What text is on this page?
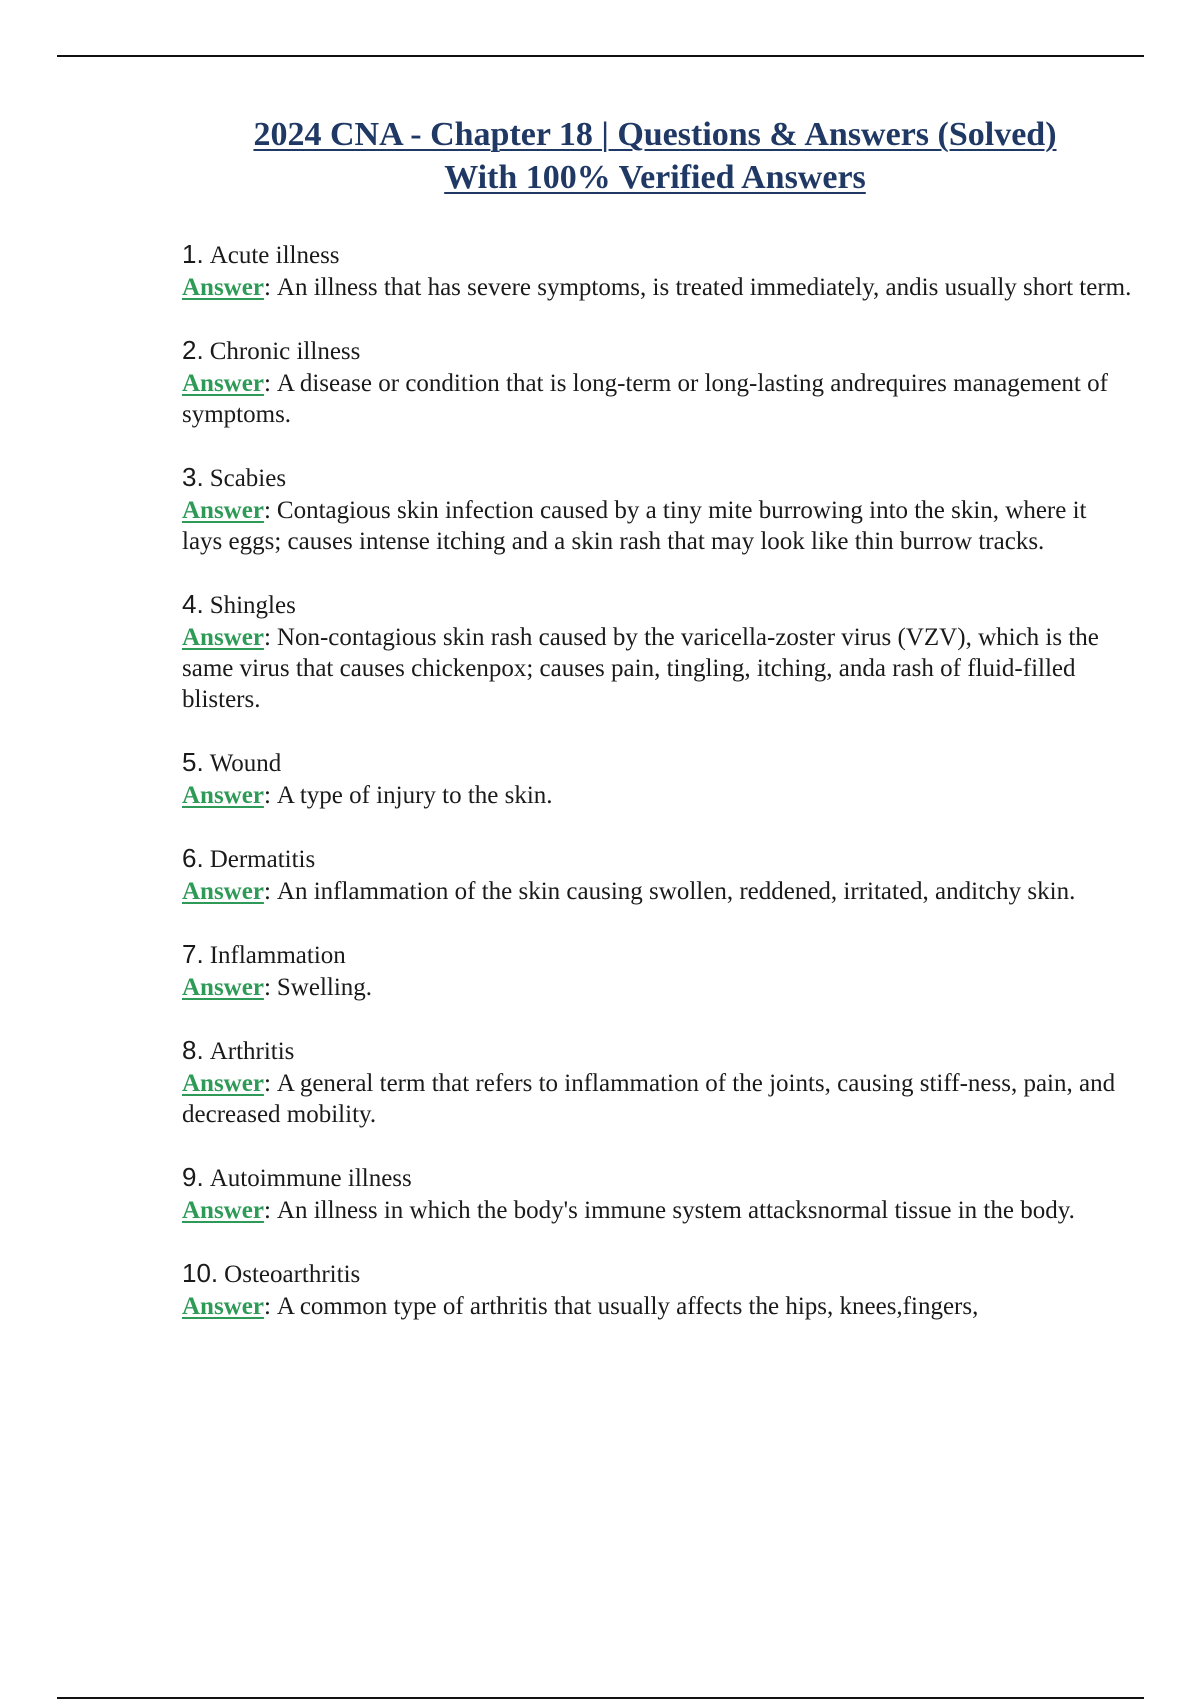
2024 CNA - Chapter 18 | Questions & Answers (Solved)
With 100% Verified Answers
1. Acute illness
Answer: An illness that has severe symptoms, is treated immediately, andis usually short term.
2. Chronic illness
Answer: A disease or condition that is long-term or long-lasting andrequires management of symptoms.
3. Scabies
Answer: Contagious skin infection caused by a tiny mite burrowing into the skin, where it lays eggs; causes intense itching and a skin rash that may look like thin burrow tracks.
4. Shingles
Answer: Non-contagious skin rash caused by the varicella-zoster virus (VZV), which is the same virus that causes chickenpox; causes pain, tingling, itching, anda rash of fluid-filled blisters.
5. Wound
Answer: A type of injury to the skin.
6. Dermatitis
Answer: An inflammation of the skin causing swollen, reddened, irritated, anditchy skin.
7. Inflammation
Answer: Swelling.
8. Arthritis
Answer: A general term that refers to inflammation of the joints, causing stiff-ness, pain, and decreased mobility.
9. Autoimmune illness
Answer: An illness in which the body's immune system attacksnormal tissue in the body.
10. Osteoarthritis
Answer: A common type of arthritis that usually affects the hips, knees,fingers,
